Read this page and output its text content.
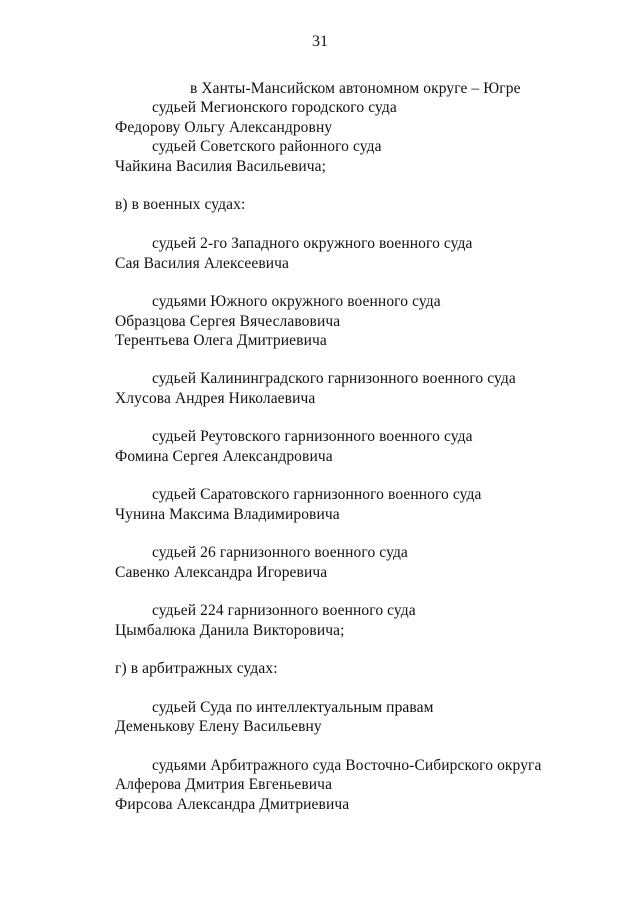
31
в Ханты-Мансийском автономном округе – Югре
судьей Мегионского городского суда
Федорову Ольгу Александровну
судьей Советского районного суда
Чайкина Василия Васильевича;
в) в военных судах:
судьей 2-го Западного окружного военного суда
Сая Василия Алексеевича
судьями Южного окружного военного суда
Образцова Сергея Вячеславовича
Терентьева Олега Дмитриевича
судьей Калининградского гарнизонного военного суда
Хлусова Андрея Николаевича
судьей Реутовского гарнизонного военного суда
Фомина Сергея Александровича
судьей Саратовского гарнизонного военного суда
Чунина Максима Владимировича
судьей 26 гарнизонного военного суда
Савенко Александра Игоревича
судьей 224 гарнизонного военного суда
Цымбалюка Данила Викторовича;
г) в арбитражных судах:
судьей Суда по интеллектуальным правам
Деменькову Елену Васильевну
судьями Арбитражного суда Восточно-Сибирского округа
Алферова Дмитрия Евгеньевича
Фирсова Александра Дмитриевича
